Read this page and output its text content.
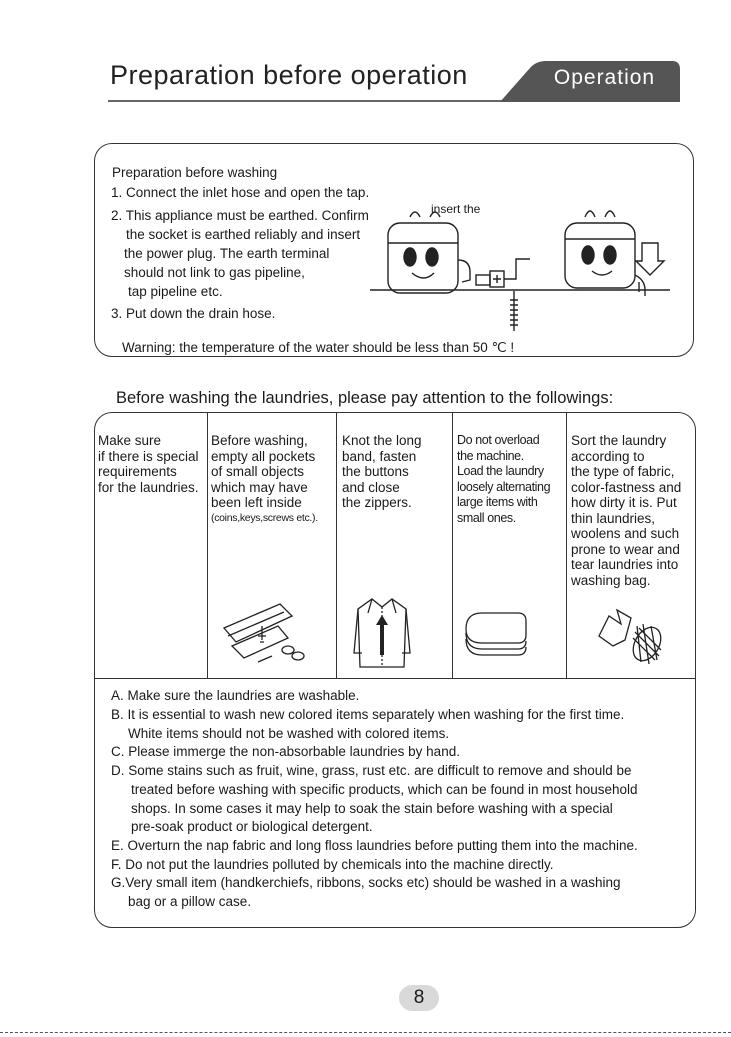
Preparation before operation	Operation
Preparation before washing
1. Connect the inlet hose and open the tap.
2. This appliance must be earthed. Confirm
the socket is earthed reliably and insert
the power plug. The earth terminal
should not link to gas pipeline,
tap pipeline etc.
3. Put down the drain hose.
insert the
Warning: the temperature of the water should be less than 50 ℃ !
Before washing the laundries, please pay attention to the followings:
Make sure
if there is special
requirements
for the laundries.
Before washing,
empty all pockets
of small objects
which may have
been left inside
(coins,keys,screws etc.).
Knot the long
band, fasten
the buttons
and close
the zippers.
Do not overload
the machine.
Load the laundry
loosely alternating
large items with
small ones.
Sort the laundry
according to
the type of fabric,
color-fastness and
how dirty it is. Put
thin laundries,
woolens and such
prone to wear and
tear laundries into
washing bag.
A. Make sure the laundries are washable.
B. It is essential to wash new colored items separately when washing for the first time.
White items should not be washed with colored items.
C. Please immerge the non-absorbable laundries by hand.
D. Some stains such as fruit, wine, grass, rust etc. are difficult to remove and should be
treated before washing with specific products, which can be found in most household
shops. In some cases it may help to soak the stain before washing with a special
pre-soak product or biological detergent.
E. Overturn the nap fabric and long floss laundries before putting them into the machine.
F. Do not put the laundries polluted by chemicals into the machine directly.
G.Very small item (handkerchiefs, ribbons, socks etc) should be washed in a washing
bag or a pillow case.
8
